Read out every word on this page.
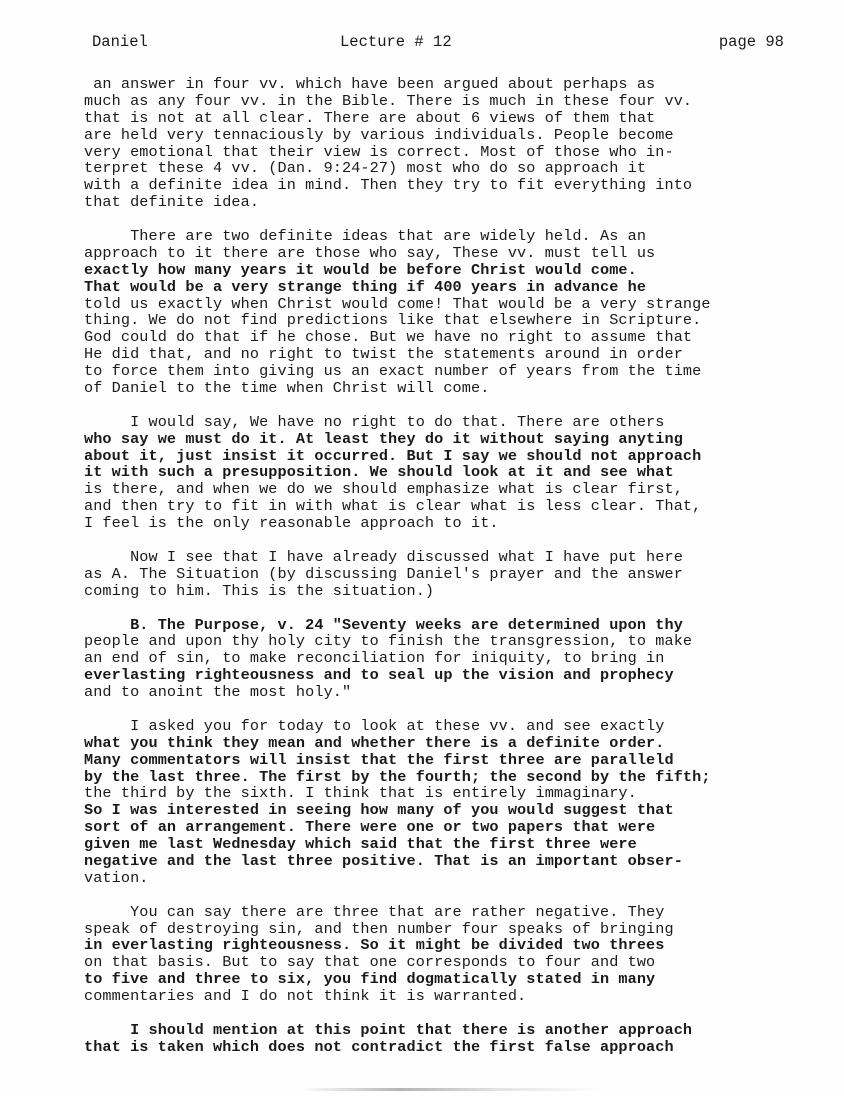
Daniel	Lecture # 12	page 98
an answer in four vv. which have been argued about perhaps as
much as any four vv. in the Bible. There is much in these four vv.
that is not at all clear. There are about 6 views of them that
are held very tennaciously by various individuals. People become
very emotional that their view is correct. Most of those who in-
terpret these 4 vv. (Dan. 9:24-27) most who do so approach it
with a definite idea in mind. Then they try to fit everything into
that definite idea.
There are two definite ideas that are widely held. As an
approach to it there are those who say, These vv. must tell us
exactly how many years it would be before Christ would come.
That would be a very strange thing if 400 years in advance he
told us exactly when Christ would come! That would be a very strange
thing. We do not find predictions like that elsewhere in Scripture.
God could do that if he chose. But we have no right to assume that
He did that, and no right to twist the statements around in order
to force them into giving us an exact number of years from the time
of Daniel to the time when Christ will come.
I would say, We have no right to do that. There are others
who say we must do it. At least they do it without saying anyting
about it, just insist it occurred. But I say we should not approach
it with such a presupposition. We should look at it and see what
is there, and when we do we should emphasize what is clear first,
and then try to fit in with what is clear what is less clear. That,
I feel is the only reasonable approach to it.
Now I see that I have already discussed what I have put here
as A. The Situation (by discussing Daniel's prayer and the answer
coming to him. This is the situation.)
B. The Purpose, v. 24 "Seventy weeks are determined upon thy
people and upon thy holy city to finish the transgression, to make
an end of sin, to make reconciliation for iniquity, to bring in
everlasting righteousness and to seal up the vision and prophecy
and to anoint the most holy."
I asked you for today to look at these vv. and see exactly
what you think they mean and whether there is a definite order.
Many commentators will insist that the first three are paralleld
by the last three. The first by the fourth; the second by the fifth;
the third by the sixth. I think that is entirely immaginary.
So I was interested in seeing how many of you would suggest that
sort of an arrangement. There were one or two papers that were
given me last Wednesday which said that the first three were
negative and the last three positive. That is an important obser-
vation.
You can say there are three that are rather negative. They
speak of destroying sin, and then number four speaks of bringing
in everlasting righteousness. So it might be divided two threes
on that basis. But to say that one corresponds to four and two
to five and three to six, you find dogmatically stated in many
commentaries and I do not think it is warranted.
I should mention at this point that there is another approach
that is taken which does not contradict the first false approach
